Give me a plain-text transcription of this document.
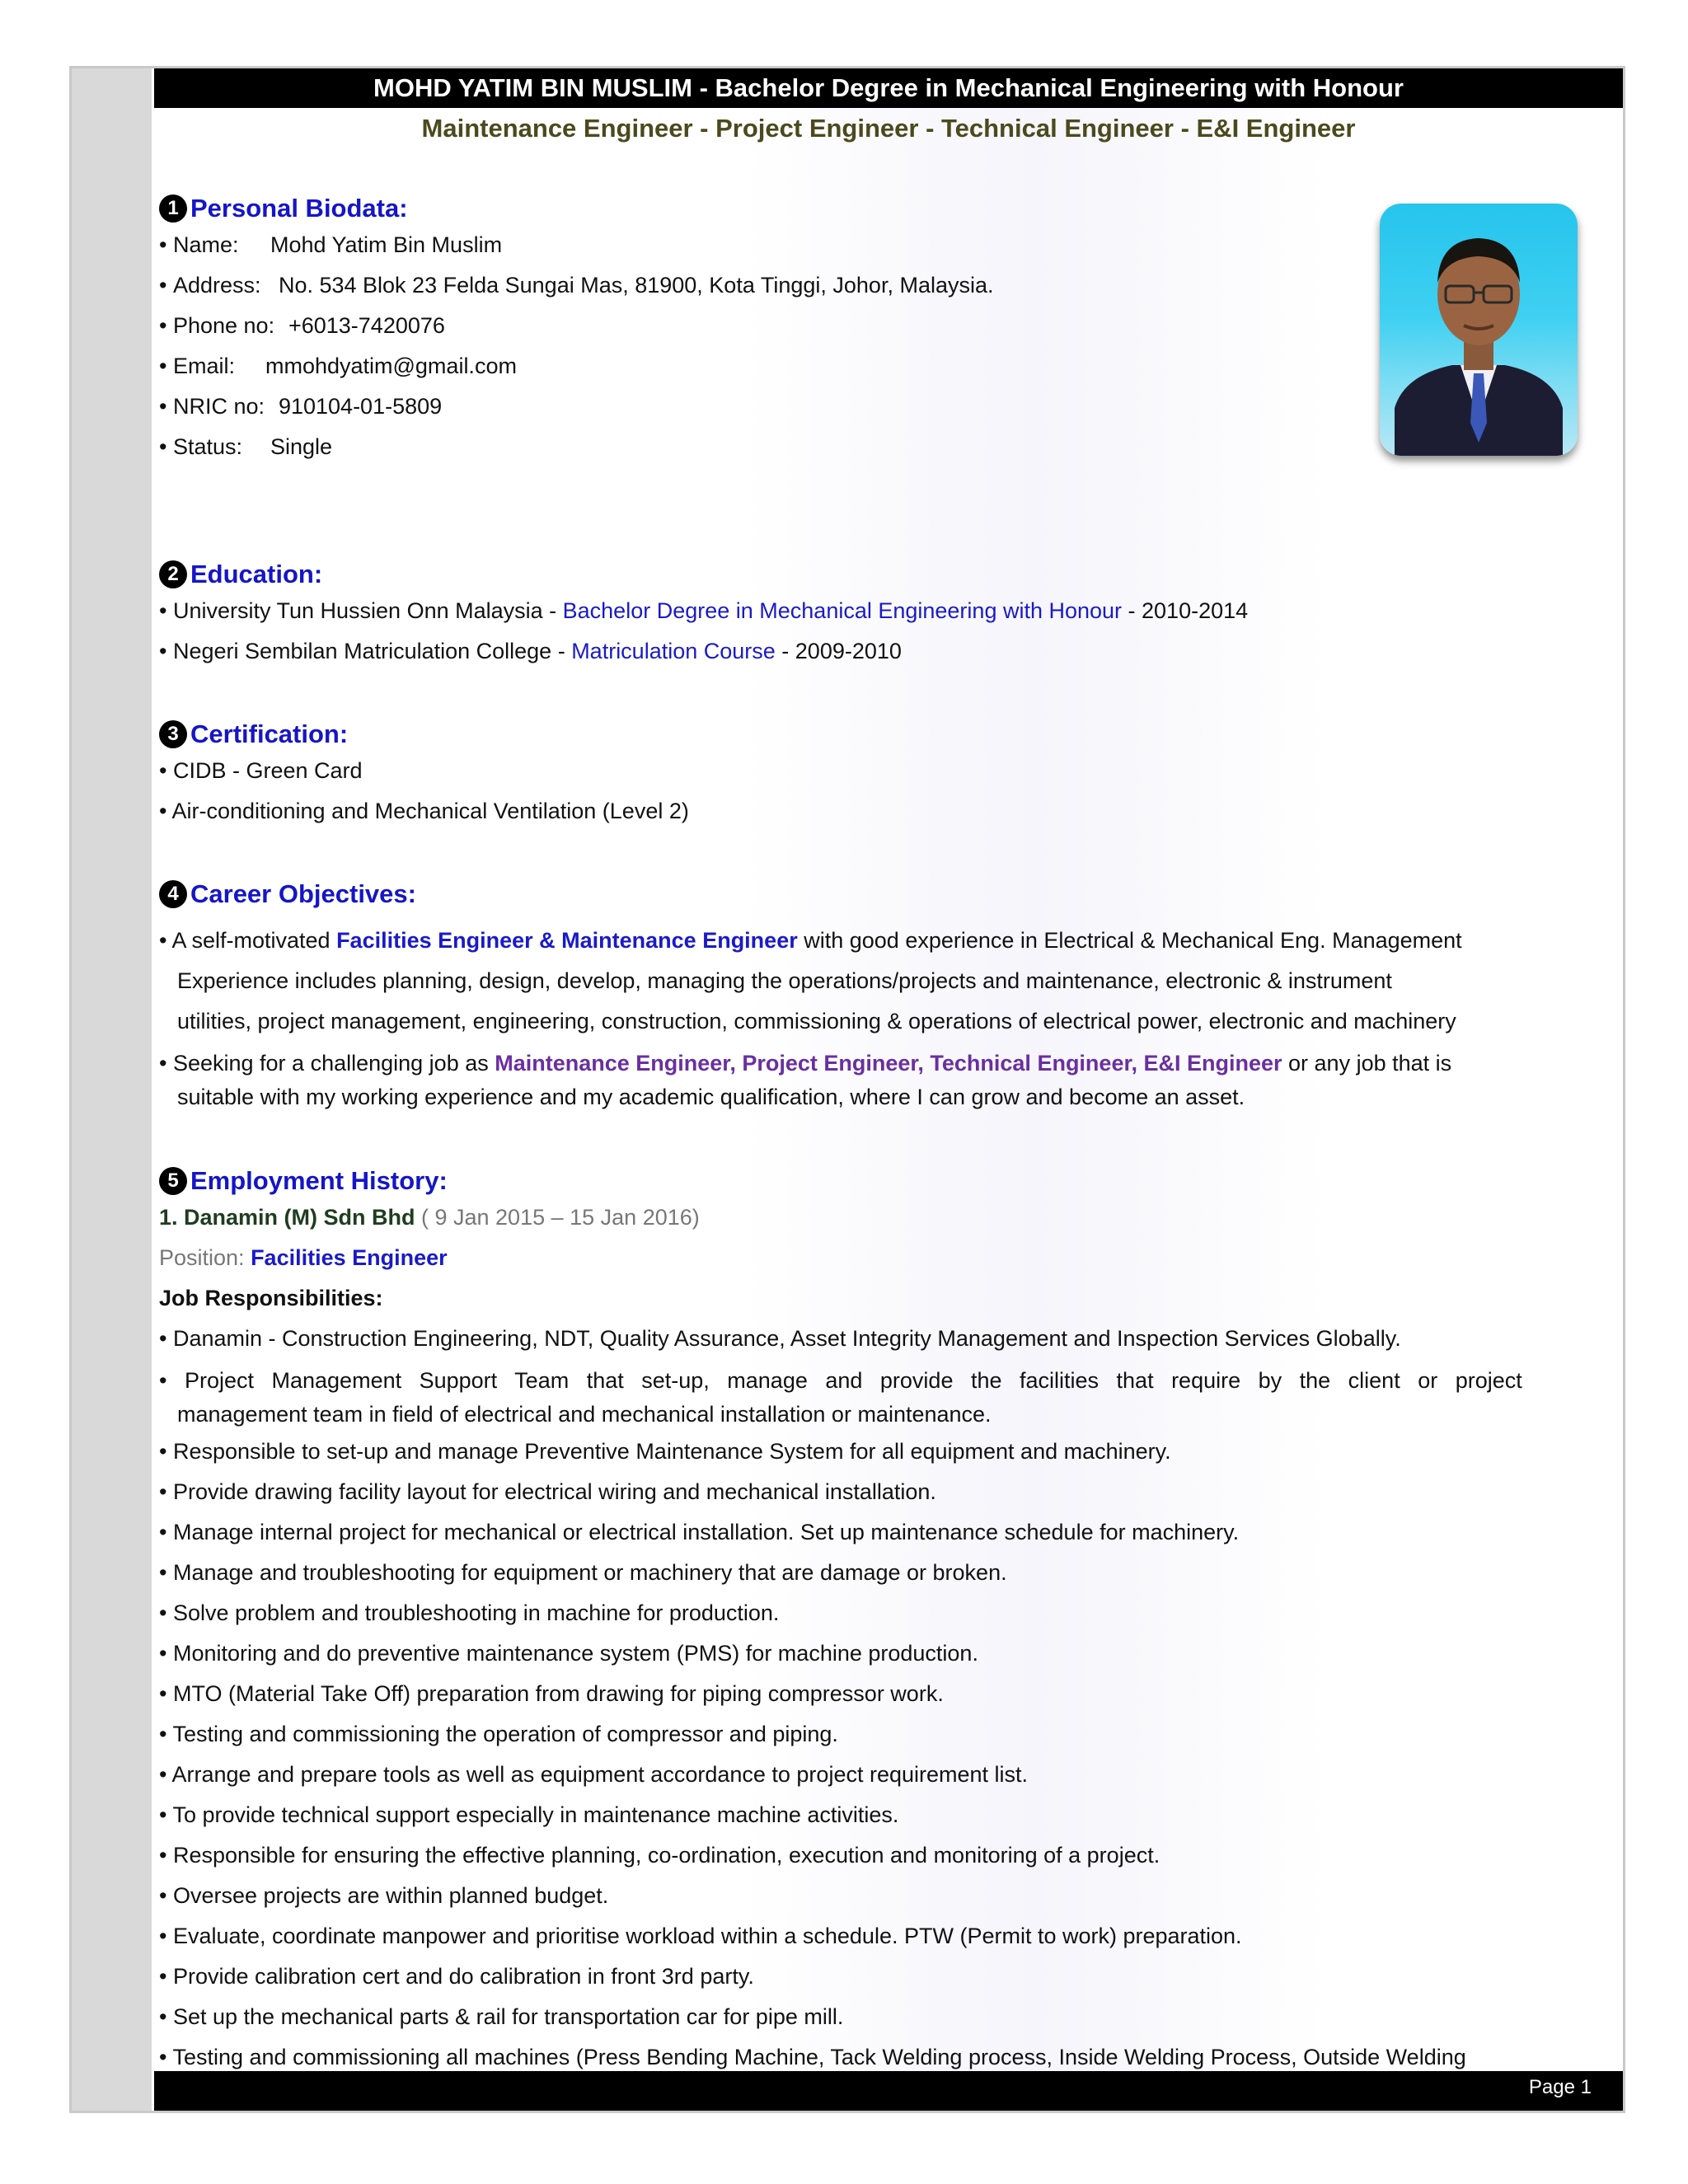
MOHD YATIM BIN MUSLIM - Bachelor Degree in Mechanical Engineering with Honour
Maintenance Engineer - Project Engineer - Technical Engineer - E&I Engineer
1 Personal Biodata:
• Name: Mohd Yatim Bin Muslim
• Address: No. 534 Blok 23 Felda Sungai Mas, 81900, Kota Tinggi, Johor, Malaysia.
• Phone no: +6013-7420076
• Email: mmohdyatim@gmail.com
• NRIC no: 910104-01-5809
• Status: Single
2 Education:
• University Tun Hussien Onn Malaysia - Bachelor Degree in Mechanical Engineering with Honour - 2010-2014
• Negeri Sembilan Matriculation College - Matriculation Course - 2009-2010
3 Certification:
• CIDB - Green Card
• Air-conditioning and Mechanical Ventilation (Level 2)
4 Career Objectives:
• A self-motivated Facilities Engineer & Maintenance Engineer with good experience in Electrical & Mechanical Eng. Management
Experience includes planning, design, develop, managing the operations/projects and maintenance, electronic & instrument
utilities, project management, engineering, construction, commissioning & operations of electrical power, electronic and machinery
• Seeking for a challenging job as Maintenance Engineer, Project Engineer, Technical Engineer, E&I Engineer or any job that is
suitable with my working experience and my academic qualification, where I can grow and become an asset.
5 Employment History:
1. Danamin (M) Sdn Bhd ( 9 Jan 2015 – 15 Jan 2016)
Position: Facilities Engineer
Job Responsibilities:
• Danamin - Construction Engineering, NDT, Quality Assurance, Asset Integrity Management and Inspection Services Globally.
• Project Management Support Team that set-up, manage and provide the facilities that require by the client or project
management team in field of electrical and mechanical installation or maintenance.
• Responsible to set-up and manage Preventive Maintenance System for all equipment and machinery.
• Provide drawing facility layout for electrical wiring and mechanical installation.
• Manage internal project for mechanical or electrical installation. Set up maintenance schedule for machinery.
• Manage and troubleshooting for equipment or machinery that are damage or broken.
• Solve problem and troubleshooting in machine for production.
• Monitoring and do preventive maintenance system (PMS) for machine production.
• MTO (Material Take Off) preparation from drawing for piping compressor work.
• Testing and commissioning the operation of compressor and piping.
• Arrange and prepare tools as well as equipment accordance to project requirement list.
• To provide technical support especially in maintenance machine activities.
• Responsible for ensuring the effective planning, co-ordination, execution and monitoring of a project.
• Oversee projects are within planned budget.
• Evaluate, coordinate manpower and prioritise workload within a schedule. PTW (Permit to work) preparation.
• Provide calibration cert and do calibration in front 3rd party.
• Set up the mechanical parts & rail for transportation car for pipe mill.
• Testing and commissioning all machines (Press Bending Machine, Tack Welding process, Inside Welding Process, Outside Welding
Page 1
